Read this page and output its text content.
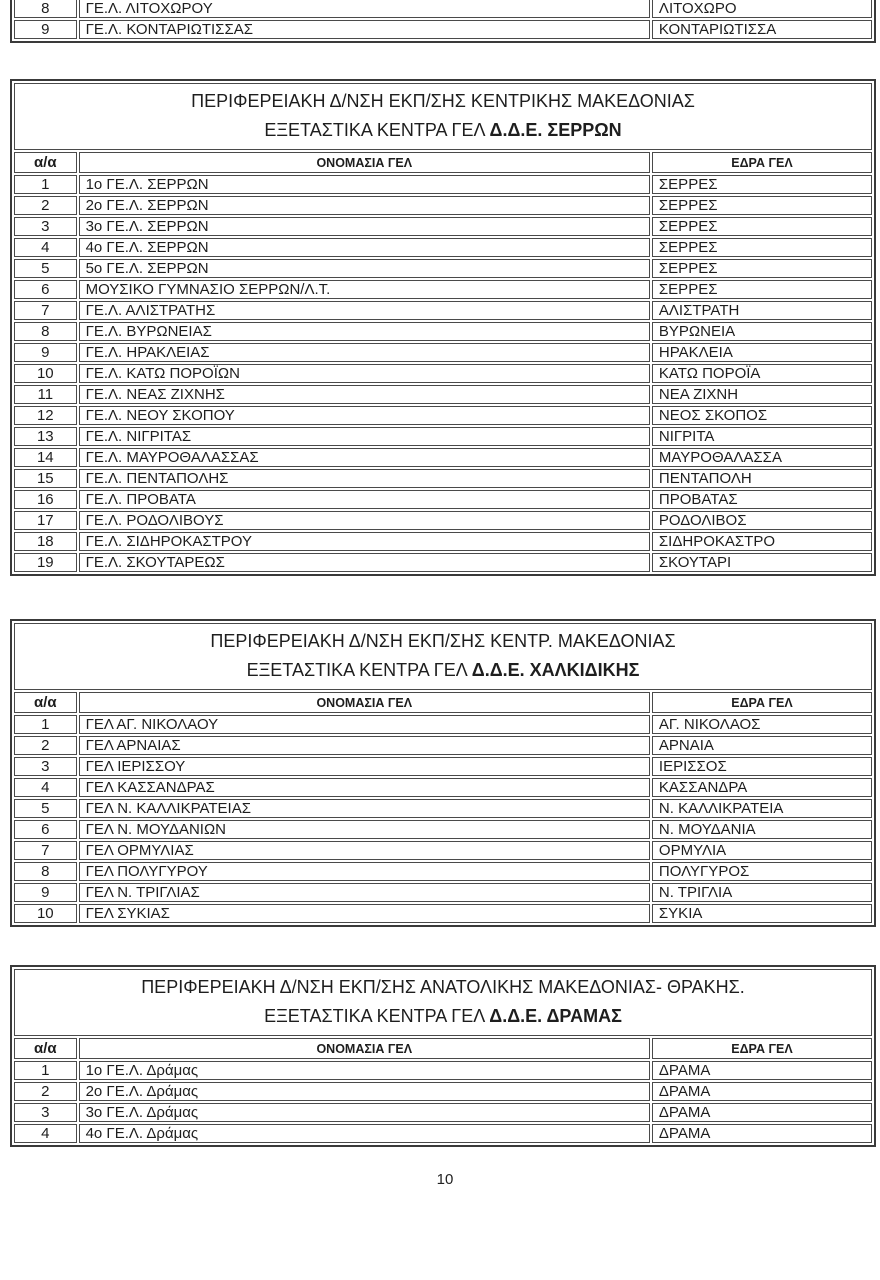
8	ΓΕ.Λ. ΛΙΤΟΧΩΡΟΥ	ΛΙΤΟΧΩΡΟ
9	ΓΕ.Λ. ΚΟΝΤΑΡΙΩΤΙΣΣΑΣ	ΚΟΝΤΑΡΙΩΤΙΣΣΑ
ΠΕΡΙΦΕΡΕΙΑΚΗ Δ/ΝΣΗ ΕΚΠ/ΣΗΣ ΚΕΝΤΡΙΚΗΣ ΜΑΚΕΔΟΝΙΑΣ
ΕΞΕΤΑΣΤΙΚΑ ΚΕΝΤΡΑ ΓΕΛ Δ.Δ.Ε. ΣΕΡΡΩΝ		

α/α	ΟΝΟΜΑΣΙΑ ΓΕΛ	ΕΔΡΑ ΓΕΛ
1	1ο ΓΕ.Λ. ΣΕΡΡΩΝ	ΣΕΡΡΕΣ
2	2ο ΓΕ.Λ. ΣΕΡΡΩΝ	ΣΕΡΡΕΣ
3	3ο ΓΕ.Λ. ΣΕΡΡΩΝ	ΣΕΡΡΕΣ
4	4ο ΓΕ.Λ. ΣΕΡΡΩΝ	ΣΕΡΡΕΣ
5	5ο ΓΕ.Λ. ΣΕΡΡΩΝ	ΣΕΡΡΕΣ
6	ΜΟΥΣΙΚΟ ΓΥΜΝΑΣΙΟ ΣΕΡΡΩΝ/Λ.Τ.	ΣΕΡΡΕΣ
7	ΓΕ.Λ. ΑΛΙΣΤΡΑΤΗΣ	ΑΛΙΣΤΡΑΤΗ
8	ΓΕ.Λ. ΒΥΡΩΝΕΙΑΣ	ΒΥΡΩΝΕΙΑ
9	ΓΕ.Λ. ΗΡΑΚΛΕΙΑΣ	ΗΡΑΚΛΕΙΑ
10	ΓΕ.Λ. ΚΑΤΩ ΠΟΡΟΪΩΝ	ΚΑΤΩ ΠΟΡΟΪΑ
11	ΓΕ.Λ. ΝΕΑΣ ΖΙΧΝΗΣ	ΝΕΑ ΖΙΧΝΗ
12	ΓΕ.Λ. ΝΕΟΥ ΣΚΟΠΟΥ	ΝΕΟΣ ΣΚΟΠΟΣ
13	ΓΕ.Λ. ΝΙΓΡΙΤΑΣ	ΝΙΓΡΙΤΑ
14	ΓΕ.Λ. ΜΑΥΡΟΘΑΛΑΣΣΑΣ	ΜΑΥΡΟΘΑΛΑΣΣΑ
15	ΓΕ.Λ. ΠΕΝΤΑΠΟΛΗΣ	ΠΕΝΤΑΠΟΛΗ
16	ΓΕ.Λ. ΠΡΟΒΑΤΑ	ΠΡΟΒΑΤΑΣ
17	ΓΕ.Λ. ΡΟΔΟΛΙΒΟΥΣ	ΡΟΔΟΛΙΒΟΣ
18	ΓΕ.Λ. ΣΙΔΗΡΟΚΑΣΤΡΟΥ	ΣΙΔΗΡΟΚΑΣΤΡΟ
19	ΓΕ.Λ. ΣΚΟΥΤΑΡΕΩΣ	ΣΚΟΥΤΑΡΙ
ΠΕΡΙΦΕΡΕΙΑΚΗ Δ/ΝΣΗ ΕΚΠ/ΣΗΣ ΚΕΝΤΡ. ΜΑΚΕΔΟΝΙΑΣ
ΕΞΕΤΑΣΤΙΚΑ ΚΕΝΤΡΑ ΓΕΛ Δ.Δ.Ε. ΧΑΛΚΙΔΙΚΗΣ		

α/α	ΟΝΟΜΑΣΙΑ ΓΕΛ	ΕΔΡΑ ΓΕΛ
1	ΓΕΛ ΑΓ. ΝΙΚΟΛΑΟΥ	ΑΓ. ΝΙΚΟΛΑΟΣ
2	ΓΕΛ ΑΡΝΑΙΑΣ	ΑΡΝΑΙΑ
3	ΓΕΛ ΙΕΡΙΣΣΟΥ	ΙΕΡΙΣΣΟΣ
4	ΓΕΛ ΚΑΣΣΑΝΔΡΑΣ	ΚΑΣΣΑΝΔΡΑ
5	ΓΕΛ Ν. ΚΑΛΛΙΚΡΑΤΕΙΑΣ	Ν. ΚΑΛΛΙΚΡΑΤΕΙΑ
6	ΓΕΛ Ν. ΜΟΥΔΑΝΙΩΝ	Ν. ΜΟΥΔΑΝΙΑ
7	ΓΕΛ ΟΡΜΥΛΙΑΣ	ΟΡΜΥΛΙΑ
8	ΓΕΛ ΠΟΛΥΓΥΡΟΥ	ΠΟΛΥΓΥΡΟΣ
9	ΓΕΛ Ν. ΤΡΙΓΛΙΑΣ	Ν. ΤΡΙΓΛΙΑ
10	ΓΕΛ ΣΥΚΙΑΣ	ΣΥΚΙΑ
ΠΕΡΙΦΕΡΕΙΑΚΗ Δ/ΝΣΗ ΕΚΠ/ΣΗΣ ΑΝΑΤΟΛΙΚΗΣ ΜΑΚΕΔΟΝΙΑΣ- ΘΡΑΚΗΣ.
ΕΞΕΤΑΣΤΙΚΑ ΚΕΝΤΡΑ ΓΕΛ Δ.Δ.Ε. ΔΡΑΜΑΣ		

α/α	ΟΝΟΜΑΣΙΑ ΓΕΛ	ΕΔΡΑ ΓΕΛ
1	1ο ΓΕ.Λ. Δράμας	ΔΡΑΜΑ
2	2ο ΓΕ.Λ. Δράμας	ΔΡΑΜΑ
3	3ο ΓΕ.Λ. Δράμας	ΔΡΑΜΑ
4	4ο ΓΕ.Λ. Δράμας	ΔΡΑΜΑ
10
